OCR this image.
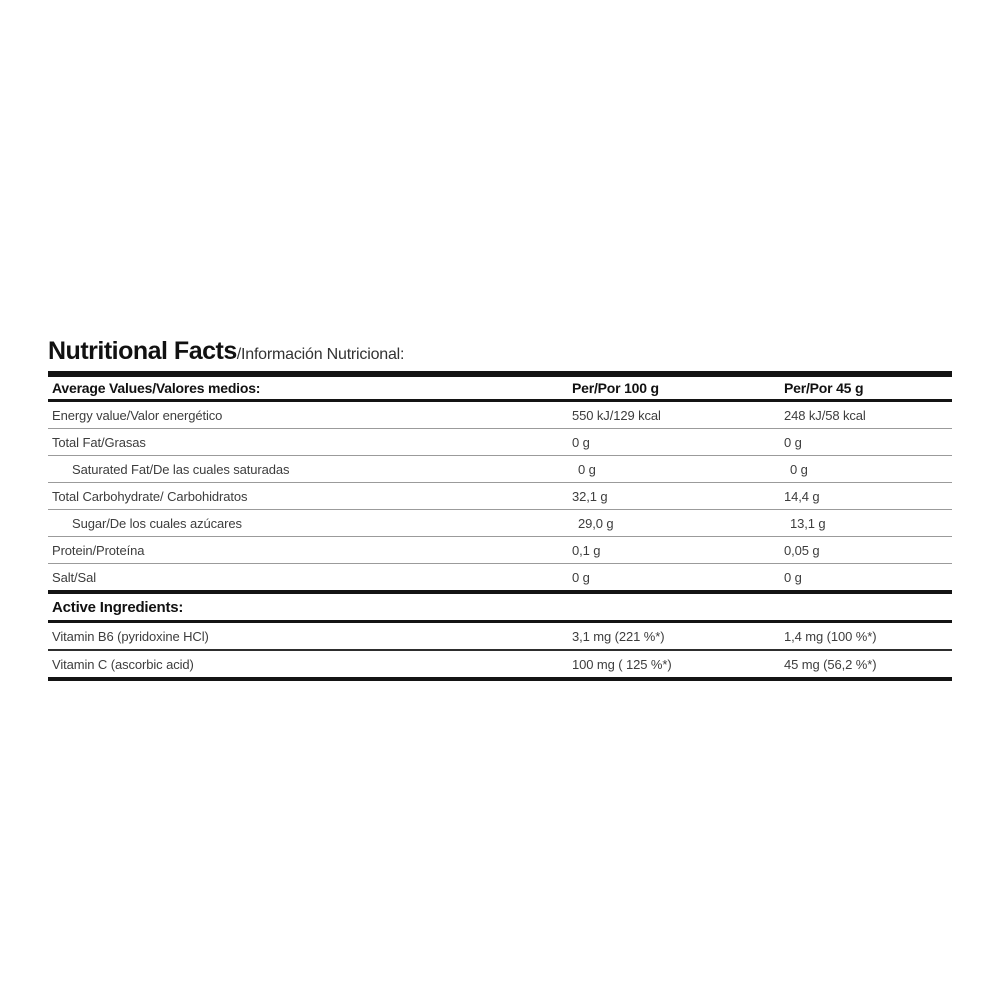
Nutritional Facts /Información Nutricional:
Average Values/Valores medios:	Per/Por 100 g	Per/Por 45 g
Energy value/Valor energético	550 kJ/129 kcal	248 kJ/58 kcal
Total Fat/Grasas	0 g	0 g
Saturated Fat/De las cuales saturadas	0 g	0 g
Total Carbohydrate/ Carbohidratos	32,1 g	14,4 g
Sugar/De los cuales azúcares	29,0 g	13,1 g
Protein/Proteína	0,1 g	0,05 g
Salt/Sal	0 g	0 g
Active Ingredients:
Vitamin B6 (pyridoxine HCl)	3,1 mg (221 %*)	1,4 mg (100 %*)
Vitamin C (ascorbic acid)	100 mg ( 125 %*)	45 mg (56,2 %*)
